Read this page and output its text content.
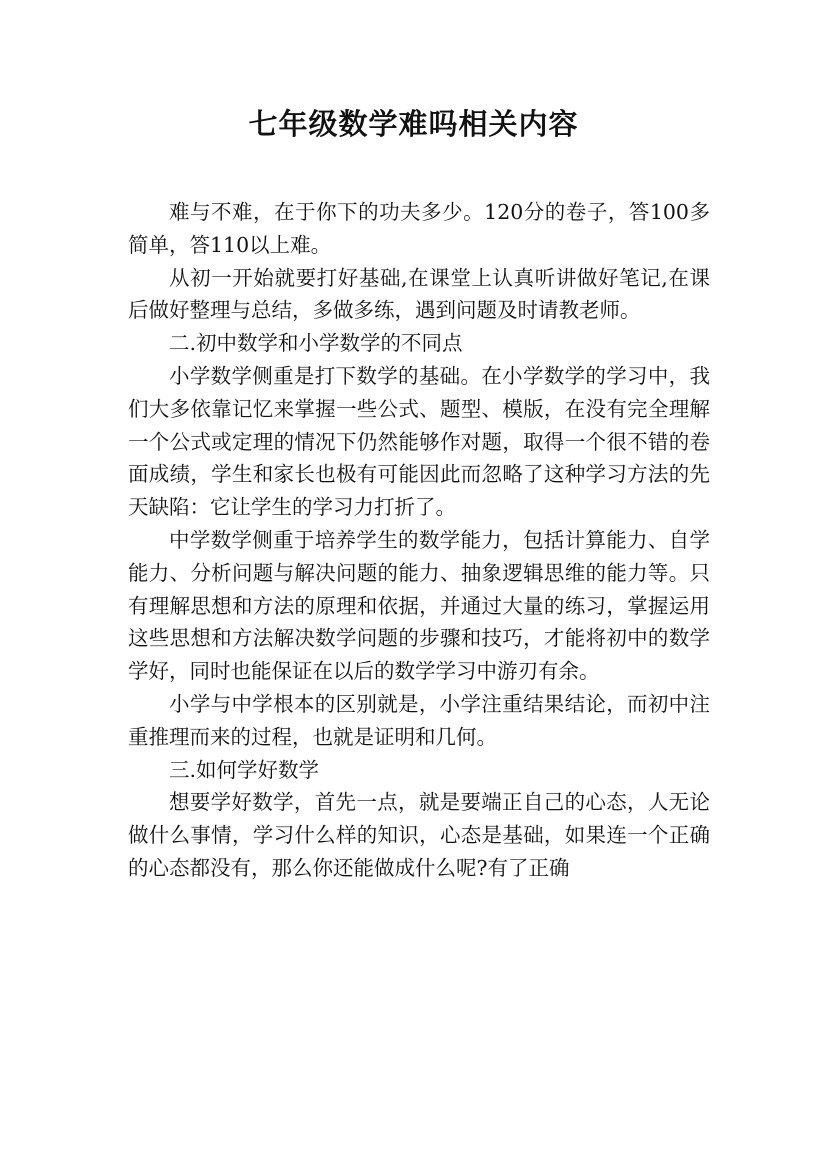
七年级数学难吗相关内容

难与不难，在于你下的功夫多少。120分的卷子，答100多简单，答110以上难。

从初一开始就要打好基础,在课堂上认真听讲做好笔记,在课后做好整理与总结，多做多练，遇到问题及时请教老师。

二.初中数学和小学数学的不同点

小学数学侧重是打下数学的基础。在小学数学的学习中，我们大多依靠记忆来掌握一些公式、题型、模版，在没有完全理解一个公式或定理的情况下仍然能够作对题，取得一个很不错的卷面成绩，学生和家长也极有可能因此而忽略了这种学习方法的先天缺陷：它让学生的学习力打折了。

中学数学侧重于培养学生的数学能力，包括计算能力、自学能力、分析问题与解决问题的能力、抽象逻辑思维的能力等。只有理解思想和方法的原理和依据，并通过大量的练习，掌握运用这些思想和方法解决数学问题的步骤和技巧，才能将初中的数学学好，同时也能保证在以后的数学学习中游刃有余。

小学与中学根本的区别就是，小学注重结果结论，而初中注重推理而来的过程，也就是证明和几何。

三.如何学好数学

想要学好数学，首先一点，就是要端正自己的心态，人无论做什么事情，学习什么样的知识，心态是基础，如果连一个正确的心态都没有，那么你还能做成什么呢?有了正确
